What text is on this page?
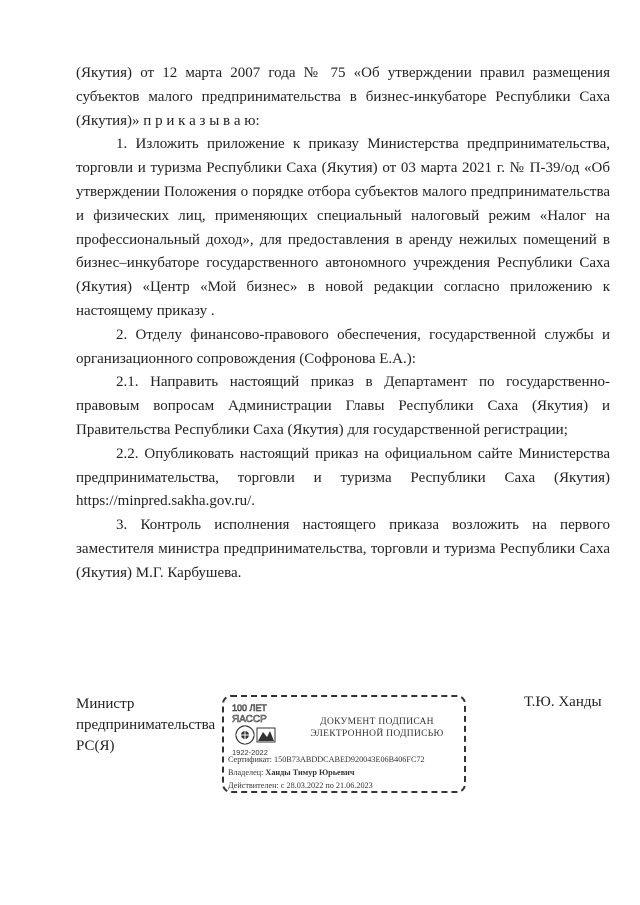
(Якутия) от 12 марта 2007 года № 75 «Об утверждении правил размещения субъектов малого предпринимательства в бизнес-инкубаторе Республики Саха (Якутия)» п р и к а з ы в а ю:

1. Изложить приложение к приказу Министерства предпринимательства, торговли и туризма Республики Саха (Якутия) от 03 марта 2021 г. № П-39/од «Об утверждении Положения о порядке отбора субъектов малого предпринимательства и физических лиц, применяющих специальный налоговый режим «Налог на профессиональный доход», для предоставления в аренду нежилых помещений в бизнес–инкубаторе государственного автономного учреждения Республики Саха (Якутия) «Центр «Мой бизнес» в новой редакции согласно приложению к настоящему приказу .

2. Отделу финансово-правового обеспечения, государственной службы и организационного сопровождения (Софронова Е.А.):

2.1. Направить настоящий приказ в Департамент по государственно-правовым вопросам Администрации Главы Республики Саха (Якутия) и Правительства Республики Саха (Якутия) для государственной регистрации;

2.2. Опубликовать настоящий приказ на официальном сайте Министерства предпринимательства, торговли и туризма Республики Саха (Якутия) https://minpred.sakha.gov.ru/.

3. Контроль исполнения настоящего приказа возложить на первого заместителя министра предпринимательства, торговли и туризма Республики Саха (Якутия) М.Г. Карбушева.

Министр
предпринимательства
РС(Я)
100 ЛЕТ
ЯАССР
1922-2022
ДОКУМЕНТ ПОДПИСАН
ЭЛЕКТРОННОЙ ПОДПИСЬЮ
Сертификат: 150B73ABDDCABED920043E06B406FC72
Владелец: Ханды Тимур Юрьевич
Действителен: с 28.03.2022 по 21.06.2023
Т.Ю. Ханды
